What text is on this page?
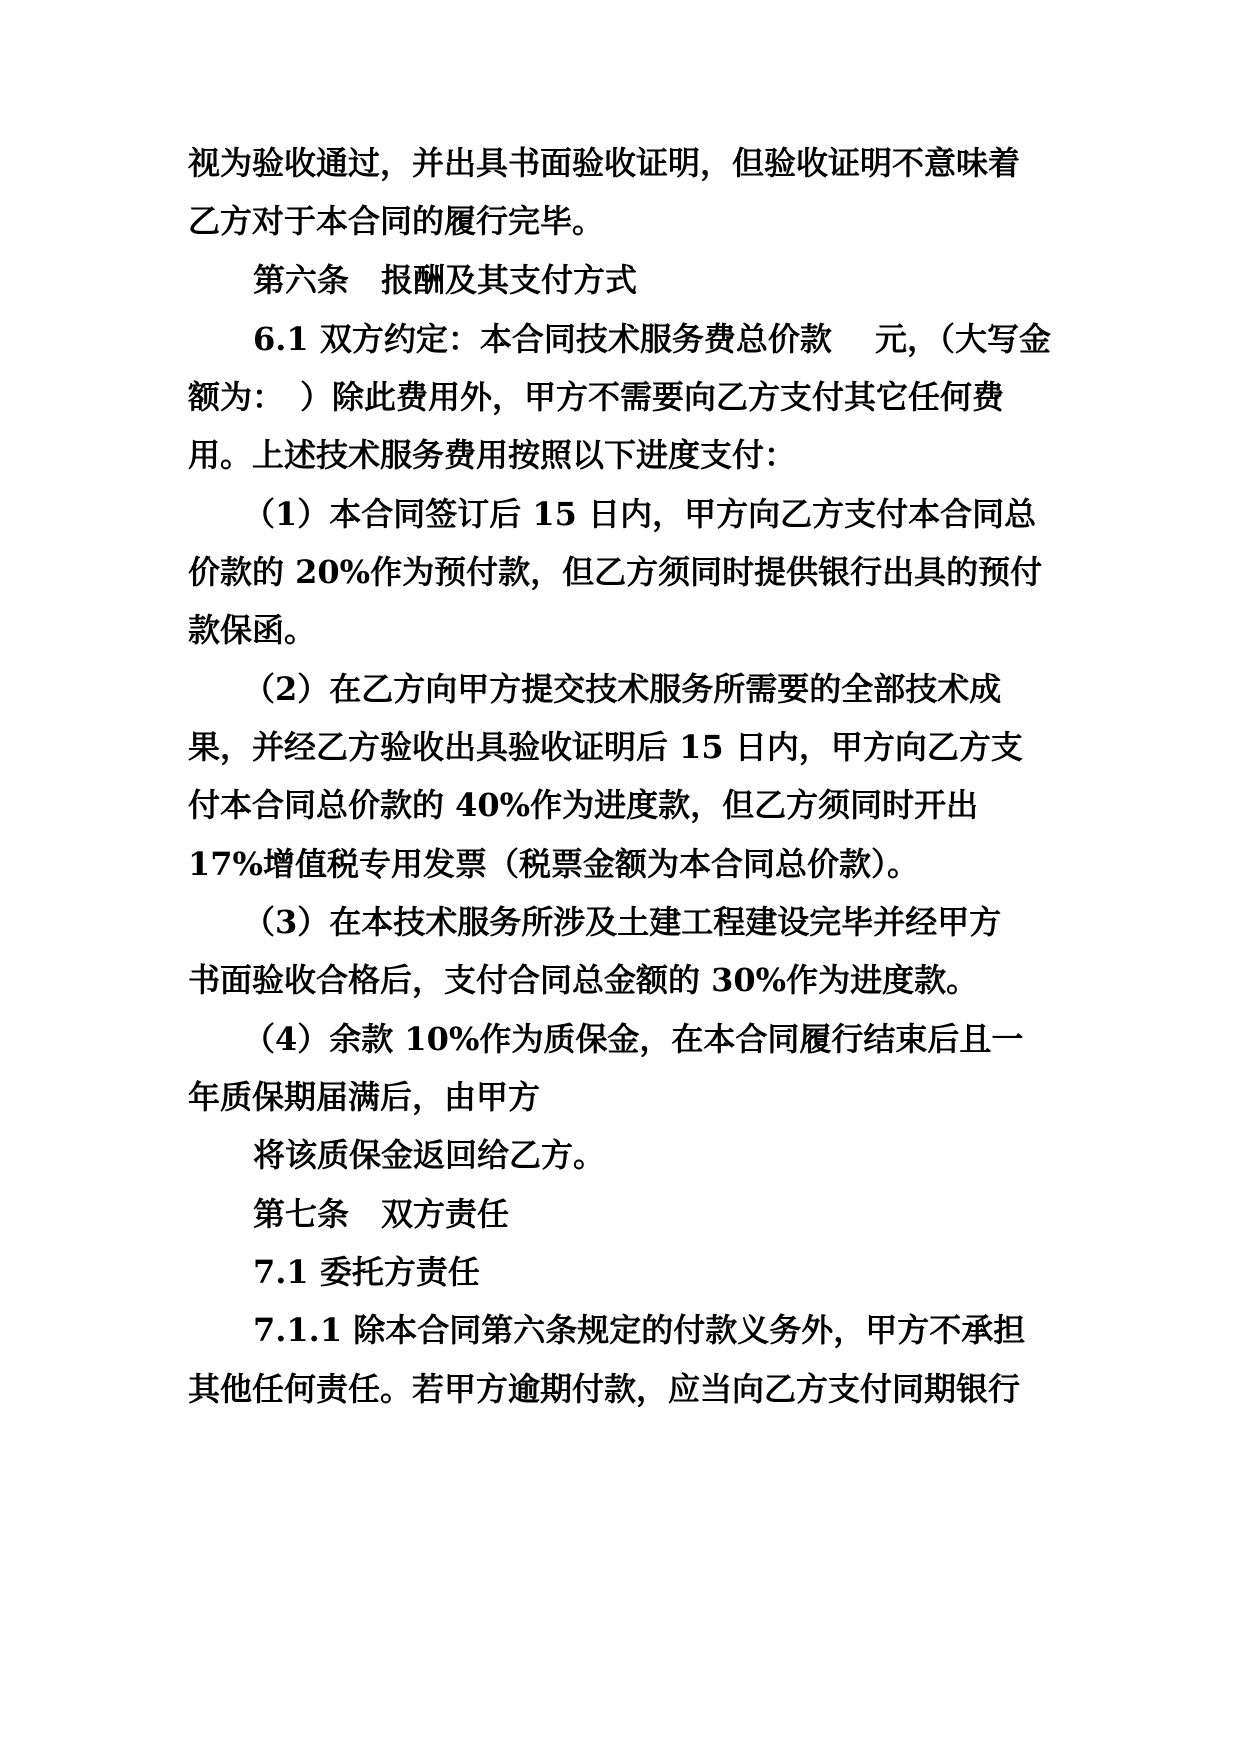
视为验收通过，并出具书面验收证明，但验收证明不意味着
乙方对于本合同的履行完毕。
第六条　报酬及其支付方式
6.1 双方约定：本合同技术服务费总价款　 元，（大写金
额为：　）除此费用外，甲方不需要向乙方支付其它任何费
用。上述技术服务费用按照以下进度支付：
（1）本合同签订后 15 日内，甲方向乙方支付本合同总
价款的 20%作为预付款，但乙方须同时提供银行出具的预付
款保函。
（2）在乙方向甲方提交技术服务所需要的全部技术成
果，并经乙方验收出具验收证明后 15 日内，甲方向乙方支
付本合同总价款的 40%作为进度款，但乙方须同时开出
17%增值税专用发票（税票金额为本合同总价款）。
（3）在本技术服务所涉及土建工程建设完毕并经甲方
书面验收合格后，支付合同总金额的 30%作为进度款。
（4）余款 10%作为质保金，在本合同履行结束后且一
年质保期届满后，由甲方
将该质保金返回给乙方。
第七条　双方责任
7.1 委托方责任
7.1.1 除本合同第六条规定的付款义务外，甲方不承担
其他任何责任。若甲方逾期付款，应当向乙方支付同期银行
